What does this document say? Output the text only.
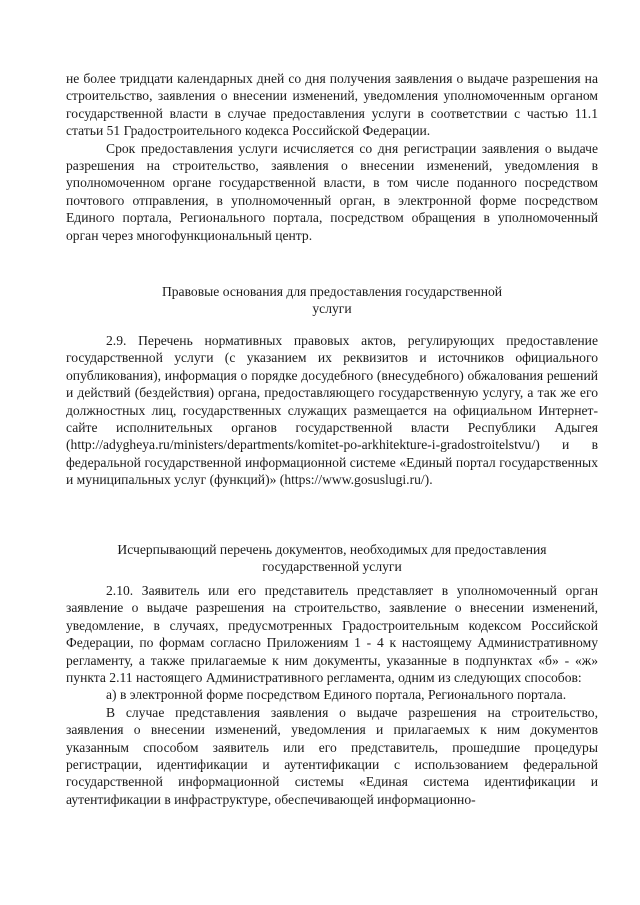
не более тридцати календарных дней со дня получения заявления о выдаче разрешения на строительство, заявления о внесении изменений, уведомления уполномоченным органом государственной власти в случае предоставления услуги в соответствии с частью 11.1 статьи 51 Градостроительного кодекса Российской Федерации.

Срок предоставления услуги исчисляется со дня регистрации заявления о выдаче разрешения на строительство, заявления о внесении изменений, уведомления в уполномоченном органе государственной власти, в том числе поданного посредством почтового отправления, в уполномоченный орган, в электронной форме посредством Единого портала, Регионального портала, посредством обращения в уполномоченный орган через многофункциональный центр.

Правовые основания для предоставления государственной
услуги

2.9. Перечень нормативных правовых актов, регулирующих предоставление государственной услуги (с указанием их реквизитов и источников официального опубликования), информация о порядке досудебного (внесудебного) обжалования решений и действий (бездействия) органа, предоставляющего государственную услугу, а так же его должностных лиц, государственных служащих размещается на официальном Интернет-сайте исполнительных органов государственной власти Республики Адыгея (http://adygheya.ru/ministers/departments/komitet-po-arkhitekture-i-gradostroitelstvu/) и в федеральной государственной информационной системе «Единый портал государственных и муниципальных услуг (функций)» (https://www.gosuslugi.ru/).

Исчерпывающий перечень документов, необходимых для предоставления
государственной услуги

2.10. Заявитель или его представитель представляет в уполномоченный орган заявление о выдаче разрешения на строительство, заявление о внесении изменений, уведомление, в случаях, предусмотренных Градостроительным кодексом Российской Федерации, по формам согласно Приложениям 1 - 4 к настоящему Административному регламенту, а также прилагаемые к ним документы, указанные в подпунктах «б» - «ж» пункта 2.11 настоящего Административного регламента, одним из следующих способов:

а) в электронной форме посредством Единого портала, Регионального портала.

В случае представления заявления о выдаче разрешения на строительство, заявления о внесении изменений, уведомления и прилагаемых к ним документов указанным способом заявитель или его представитель, прошедшие процедуры регистрации, идентификации и аутентификации с использованием федеральной государственной информационной системы «Единая система идентификации и аутентификации в инфраструктуре, обеспечивающей информационно-
